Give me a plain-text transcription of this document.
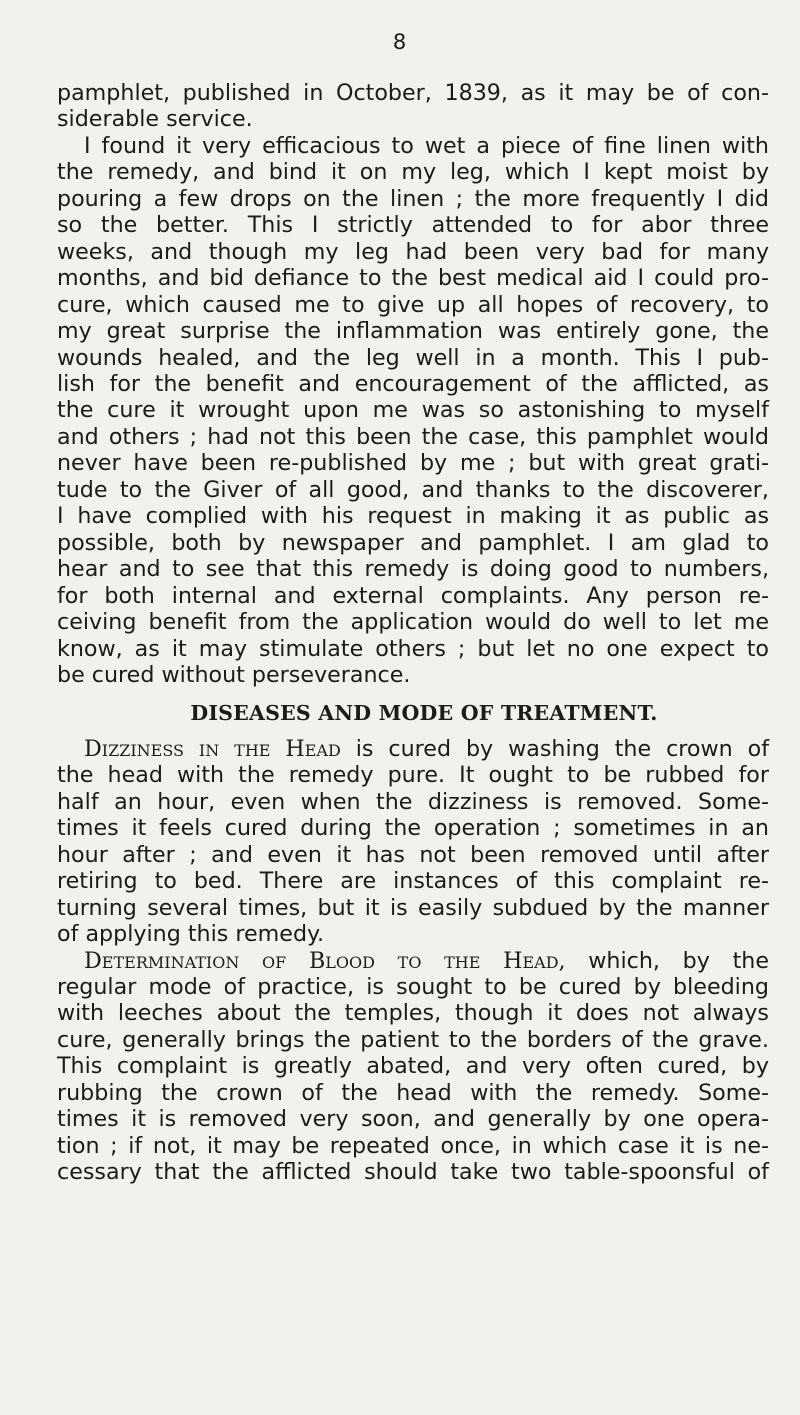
8
pamphlet, published in October, 1839, as it may be of con-
siderable service.
I found it very efficacious to wet a piece of fine linen with
the remedy, and bind it on my leg, which I kept moist by
pouring a few drops on the linen ; the more frequently I did
so the better. This I strictly attended to for abor three
weeks, and though my leg had been very bad for many
months, and bid defiance to the best medical aid I could pro-
cure, which caused me to give up all hopes of recovery, to
my great surprise the inflammation was entirely gone, the
wounds healed, and the leg well in a month. This I pub-
lish for the benefit and encouragement of the afflicted, as
the cure it wrought upon me was so astonishing to myself
and others ; had not this been the case, this pamphlet would
never have been re-published by me ; but with great grati-
tude to the Giver of all good, and thanks to the discoverer,
I have complied with his request in making it as public as
possible, both by newspaper and pamphlet. I am glad to
hear and to see that this remedy is doing good to numbers,
for both internal and external complaints. Any person re-
ceiving benefit from the application would do well to let me
know, as it may stimulate others ; but let no one expect to
be cured without perseverance.
DISEASES AND MODE OF TREATMENT.
Dizziness in the Head is cured by washing the crown of
the head with the remedy pure. It ought to be rubbed for
half an hour, even when the dizziness is removed. Some-
times it feels cured during the operation ; sometimes in an
hour after ; and even it has not been removed until after
retiring to bed. There are instances of this complaint re-
turning several times, but it is easily subdued by the manner
of applying this remedy.
Determination of Blood to the Head, which, by the
regular mode of practice, is sought to be cured by bleeding
with leeches about the temples, though it does not always
cure, generally brings the patient to the borders of the grave.
This complaint is greatly abated, and very often cured, by
rubbing the crown of the head with the remedy. Some-
times it is removed very soon, and generally by one opera-
tion ; if not, it may be repeated once, in which case it is ne-
cessary that the afflicted should take two table-spoonsful of
